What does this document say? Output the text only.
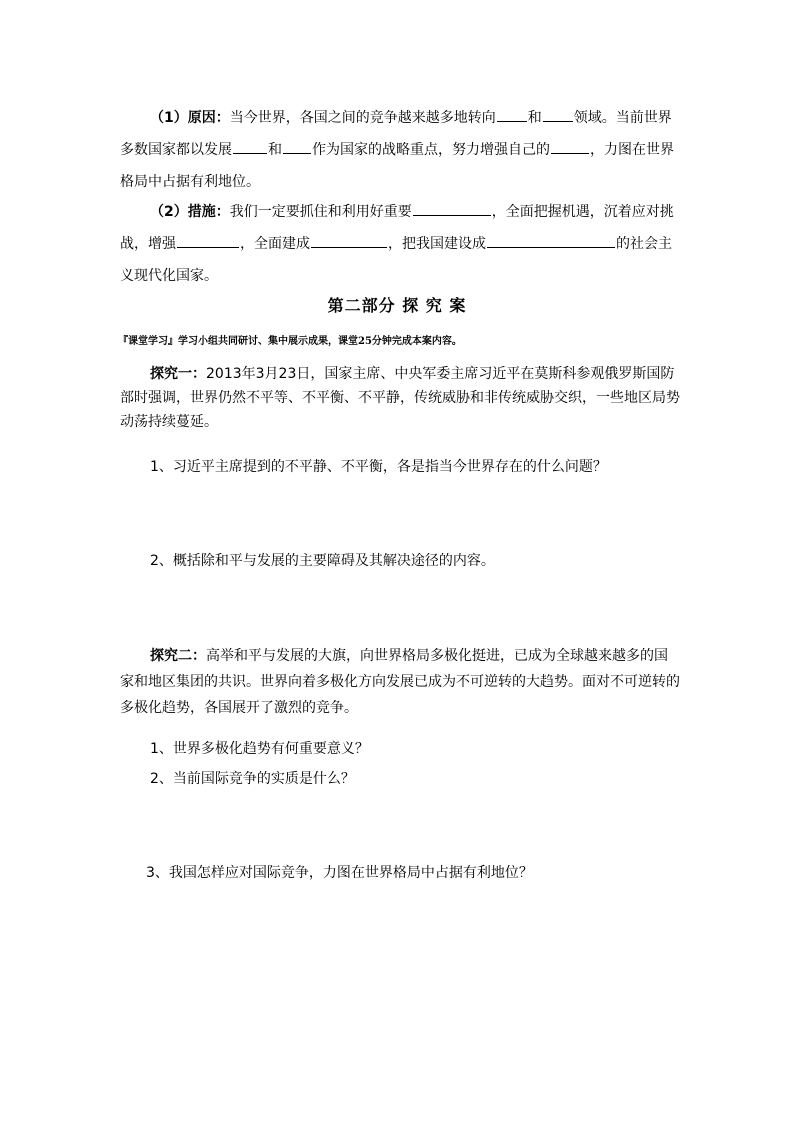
（1）原因：当今世界，各国之间的竞争越来越多地转向 和 领域。当前世界多数国家都以发展	和 作为国家的战略重点，努力增强自己的	，力图在世界格局中占据有利地位。

（2）措施：我们一定要抓住和利用好重要	，全面把握机遇，沉着应对挑战，增强	，全面建成	，把我国建设成	的社会主义现代化国家。

第二部分 探 究 案
『课堂学习』学习小组共同研讨、集中展示成果，课堂25分钟完成本案内容。

探究一：2013年3月23日，国家主席、中央军委主席习近平在莫斯科参观俄罗斯国防部时强调，世界仍然不平等、不平衡、不平静，传统威胁和非传统威胁交织，一些地区局势动荡持续蔓延。

1、习近平主席提到的不平静、不平衡，各是指当今世界存在的什么问题？
2、概括除和平与发展的主要障碍及其解决途径的内容。

探究二：高举和平与发展的大旗，向世界格局多极化挺进，已成为全球越来越多的国家和地区集团的共识。世界向着多极化方向发展已成为不可逆转的大趋势。面对不可逆转的多极化趋势，各国展开了激烈的竞争。

1、世界多极化趋势有何重要意义？
2、当前国际竞争的实质是什么？
3、我国怎样应对国际竞争，力图在世界格局中占据有利地位？
